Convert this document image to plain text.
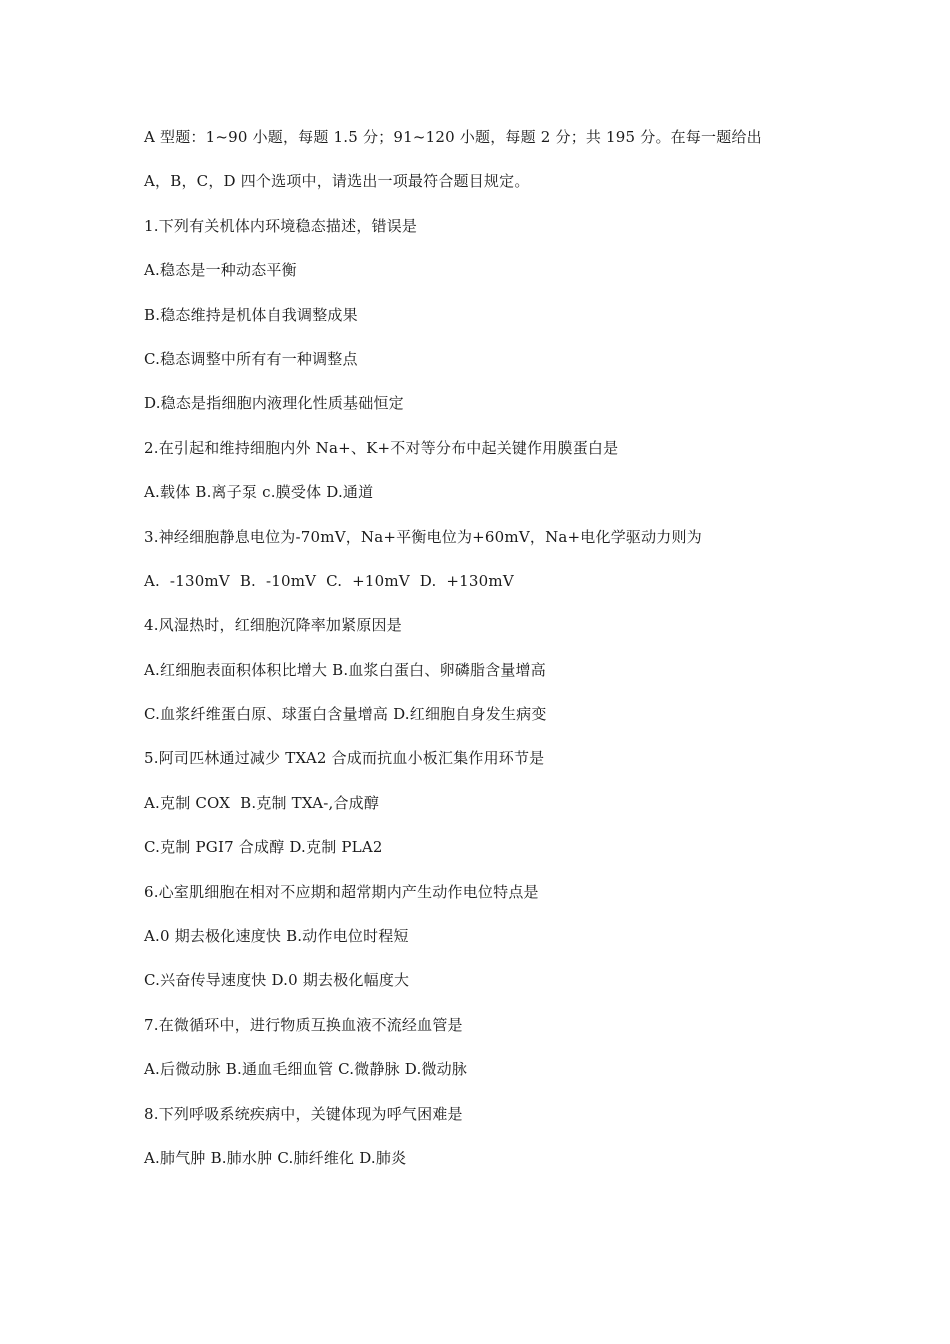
A 型题：1~90 小题，每题 1.5 分；91~120 小题，每题 2 分；共 195 分。在每一题给出
A，B，C，D 四个选项中，请选出一项最符合题目规定。
1.下列有关机体内环境稳态描述，错误是
A.稳态是一种动态平衡
B.稳态维持是机体自我调整成果
C.稳态调整中所有有一种调整点
D.稳态是指细胞内液理化性质基础恒定
2.在引起和维持细胞内外 Na+、K+不对等分布中起关键作用膜蛋白是
A.载体 B.离子泵 c.膜受体 D.通道
3.神经细胞静息电位为-70mV，Na+平衡电位为+60mV，Na+电化学驱动力则为
A.  -130mV  B.  -10mV  C.  +10mV  D.  +130mV
4.风湿热时，红细胞沉降率加紧原因是
A.红细胞表面积体积比增大 B.血浆白蛋白、卵磷脂含量增高
C.血浆纤维蛋白原、球蛋白含量增高 D.红细胞自身发生病变
5.阿司匹林通过减少 TXA2 合成而抗血小板汇集作用环节是
A.克制 COX  B.克制 TXA-,合成醇
C.克制 PGI7 合成醇 D.克制 PLA2
6.心室肌细胞在相对不应期和超常期内产生动作电位特点是
A.0 期去极化速度快 B.动作电位时程短
C.兴奋传导速度快 D.0 期去极化幅度大
7.在微循环中，进行物质互换血液不流经血管是
A.后微动脉 B.通血毛细血管 C.微静脉 D.微动脉
8.下列呼吸系统疾病中，关键体现为呼气困难是
A.肺气肿 B.肺水肿 C.肺纤维化 D.肺炎
